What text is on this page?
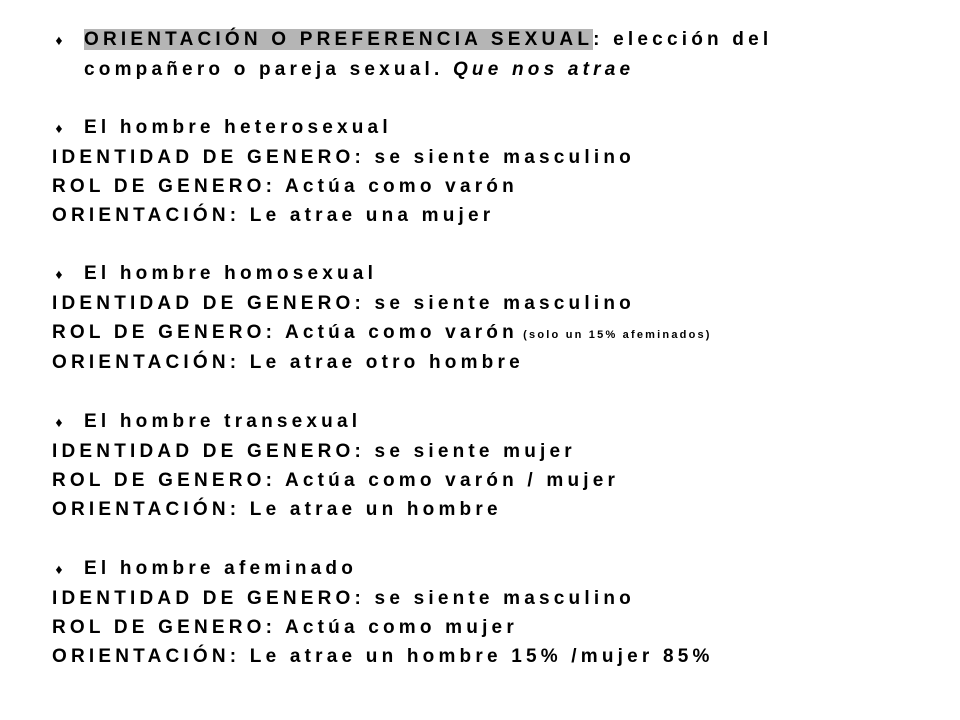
♦ ORIENTACIÓN O PREFERENCIA SEXUAL: elección del
compañero o pareja sexual. Que nos atrae
♦ El hombre heterosexual
IDENTIDAD DE GENERO: se siente masculino
ROL DE GENERO: Actúa como varón
ORIENTACIÓN: Le atrae una mujer
♦ El hombre homosexual
IDENTIDAD DE GENERO: se siente masculino
ROL DE GENERO: Actúa como varón (solo un 15% afeminados)
ORIENTACIÓN: Le atrae otro hombre
♦ El hombre transexual
IDENTIDAD DE GENERO: se siente mujer
ROL DE GENERO: Actúa como varón / mujer
ORIENTACIÓN: Le atrae un hombre
♦ El hombre afeminado
IDENTIDAD DE GENERO: se siente masculino
ROL DE GENERO: Actúa como mujer
ORIENTACIÓN: Le atrae un hombre 15% /mujer 85%
